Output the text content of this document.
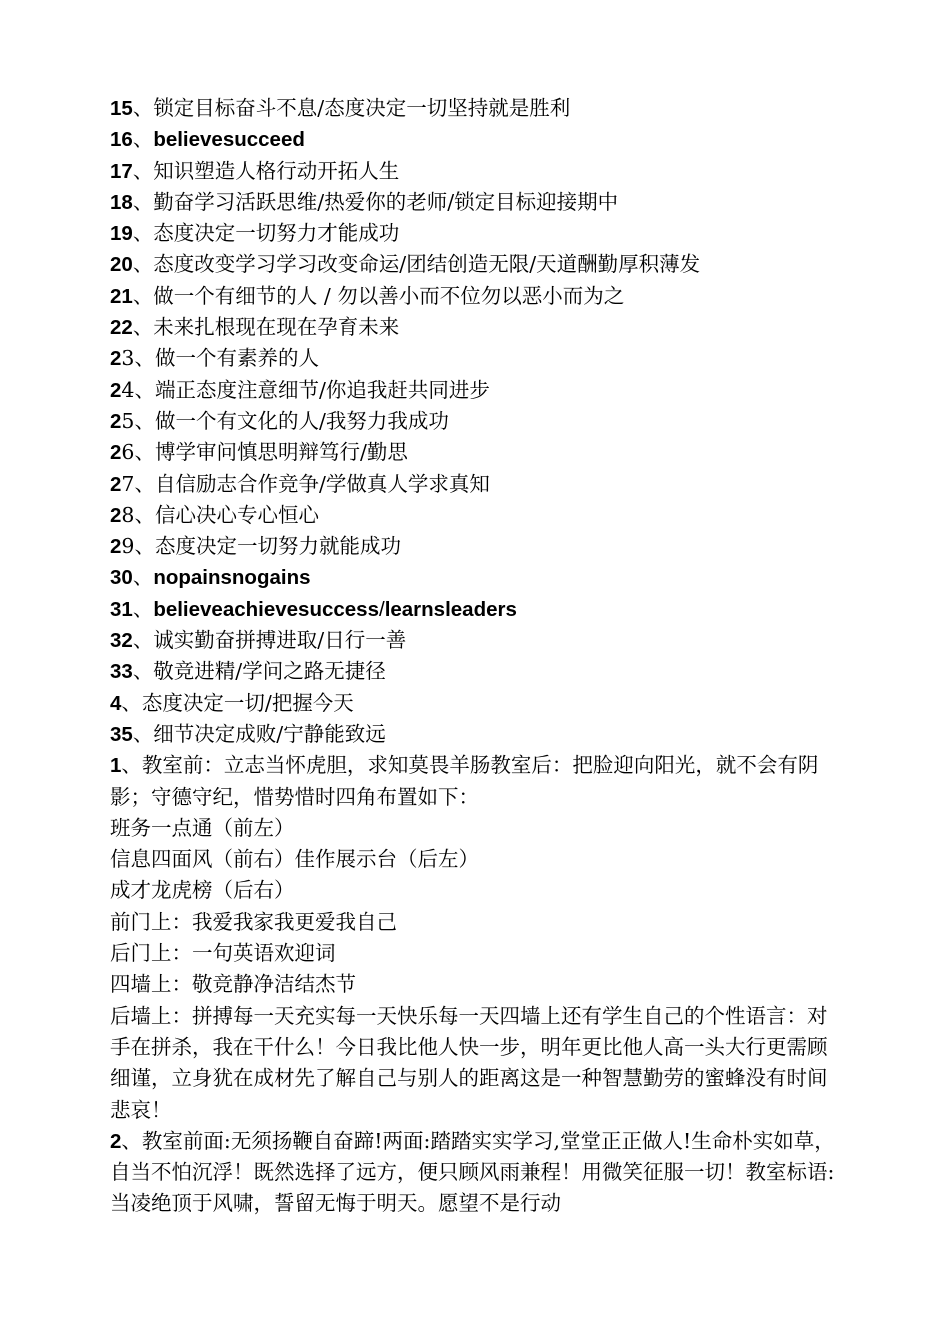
15、锁定目标奋斗不息/态度决定一切坚持就是胜利
16、believesucceed
17、知识塑造人格行动开拓人生
18、勤奋学习活跃思维/热爱你的老师/锁定目标迎接期中
19、态度决定一切努力才能成功
20、态度改变学习学习改变命运/团结创造无限/天道酬勤厚积薄发
21、做一个有细节的人 / 勿以善小而不位勿以恶小而为之
22、未来扎根现在现在孕育未来
23、做一个有素养的人
24、端正态度注意细节/你追我赶共同进步
25、做一个有文化的人/我努力我成功
26、博学审问慎思明辩笃行/勤思
27、自信励志合作竞争/学做真人学求真知
28、信心决心专心恒心
29、态度决定一切努力就能成功
30、nopainsnogains
31、believeachievesuccess/learnsleaders
32、诚实勤奋拼搏进取/日行一善
33、敬竞进精/学问之路无捷径
4、态度决定一切/把握今天
35、细节决定成败/宁静能致远
1、教室前：立志当怀虎胆，求知莫畏羊肠教室后：把脸迎向阳光，就不会有阴影；守德守纪，惜势惜时四角布置如下：
班务一点通（前左）
信息四面风（前右）佳作展示台（后左）
成才龙虎榜（后右）
前门上：我爱我家我更爱我自己
后门上：一句英语欢迎词
四墙上：敬竞静净洁结杰节
后墙上：拼搏每一天充实每一天快乐每一天四墙上还有学生自己的个性语言：对手在拼杀，我在干什么！今日我比他人快一步，明年更比他人高一头大行更需顾细谨，立身犹在成材先了解自己与别人的距离这是一种智慧勤劳的蜜蜂没有时间悲哀！
2、教室前面:无须扬鞭自奋蹄!两面:踏踏实实学习,堂堂正正做人!生命朴实如草，自当不怕沉浮！既然选择了远方，便只顾风雨兼程！用微笑征服一切！教室标语:当凌绝顶于风啸，誓留无悔于明天。愿望不是行动
